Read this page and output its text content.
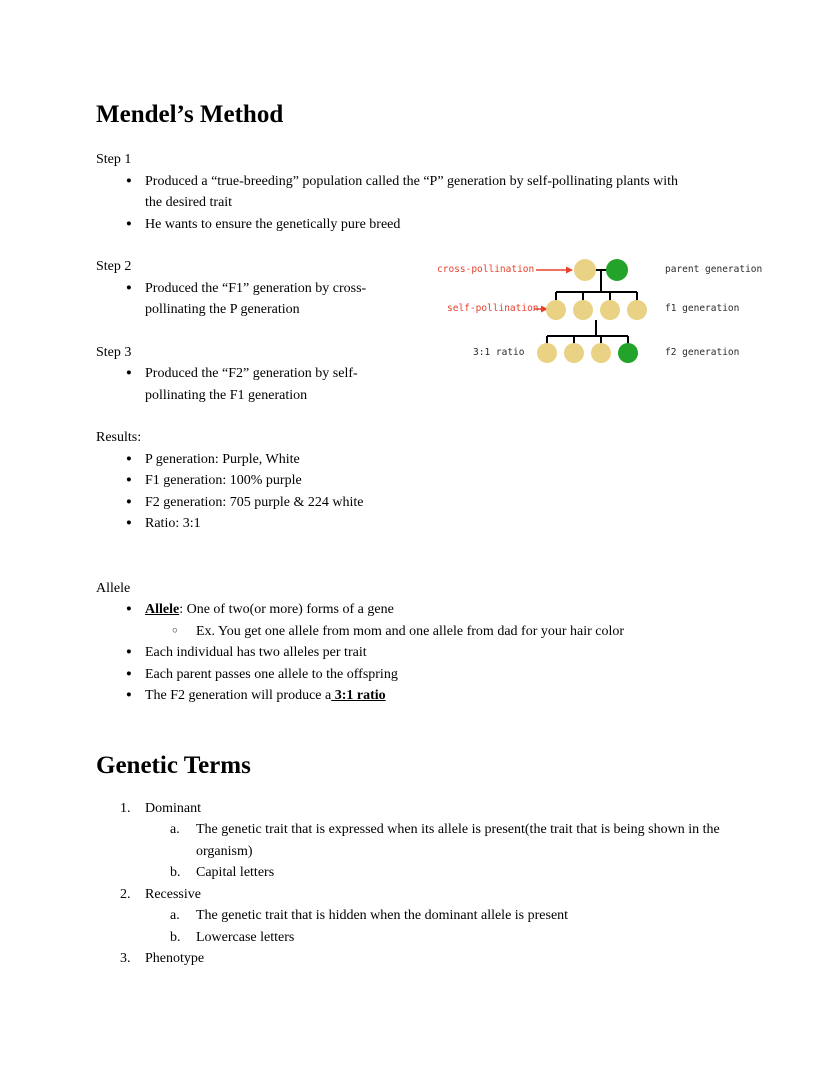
Mendel’s Method
Step 1
● Produced a “true-breeding” population called the “P” generation by self-pollinating plants with the desired trait
● He wants to ensure the genetically pure breed
Step 2
● Produced the “F1” generation by cross-pollinating the P generation
Step 3
● Produced the “F2” generation by self-pollinating the F1 generation
cross-pollination	parent generation
self-pollination	f1 generation
3:1 ratio	f2 generation
Results:
● P generation: Purple, White
● F1 generation: 100% purple
● F2 generation: 705 purple & 224 white
● Ratio: 3:1
Allele
● Allele: One of two(or more) forms of a gene
○	Ex. You get one allele from mom and one allele from dad for your hair color
● Each individual has two alleles per trait
● Each parent passes one allele to the offspring
● The F2 generation will produce a 3:1 ratio
Genetic Terms
1.	Dominant
a.	The genetic trait that is expressed when its allele is present(the trait that is being shown in the organism)
b.	Capital letters
2.	Recessive
a.	The genetic trait that is hidden when the dominant allele is present
b.	Lowercase letters
3.	Phenotype
